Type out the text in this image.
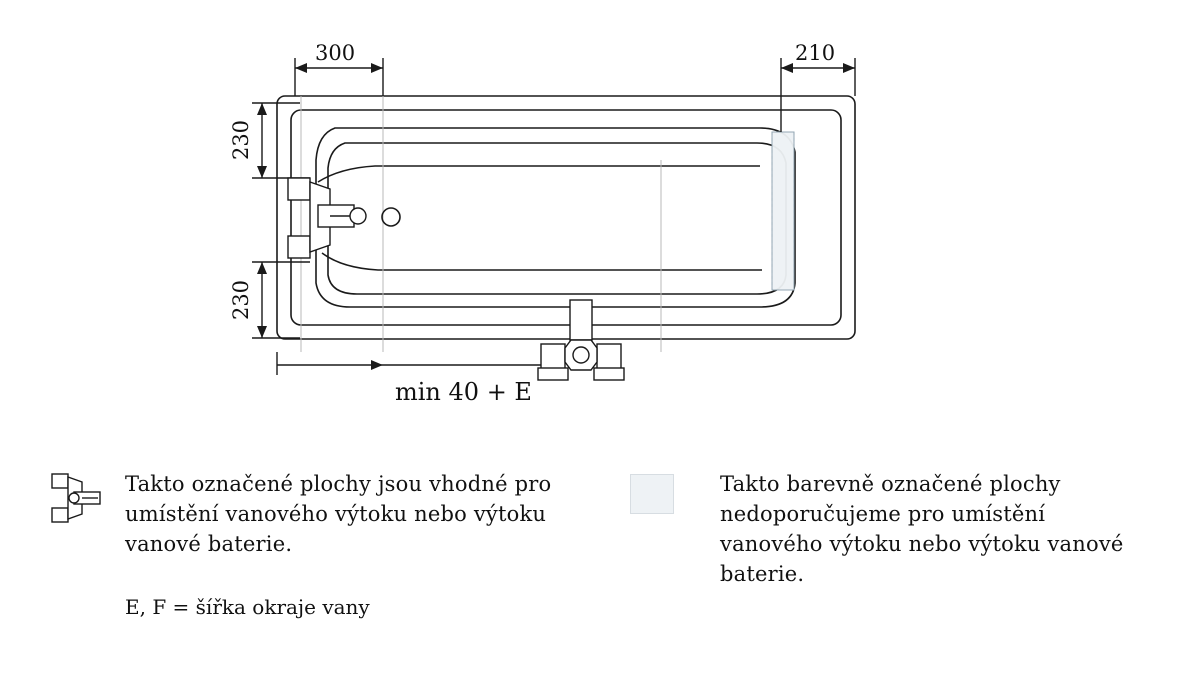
300	210
230
230
min 40 + E
Takto označené plochy jsou vhodné pro umístění vanového výtoku nebo výtoku vanové baterie.
E, F = šířka okraje vany
Takto barevně označené plochy nedoporučujeme pro umístění vanového výtoku nebo výtoku vanové baterie.
